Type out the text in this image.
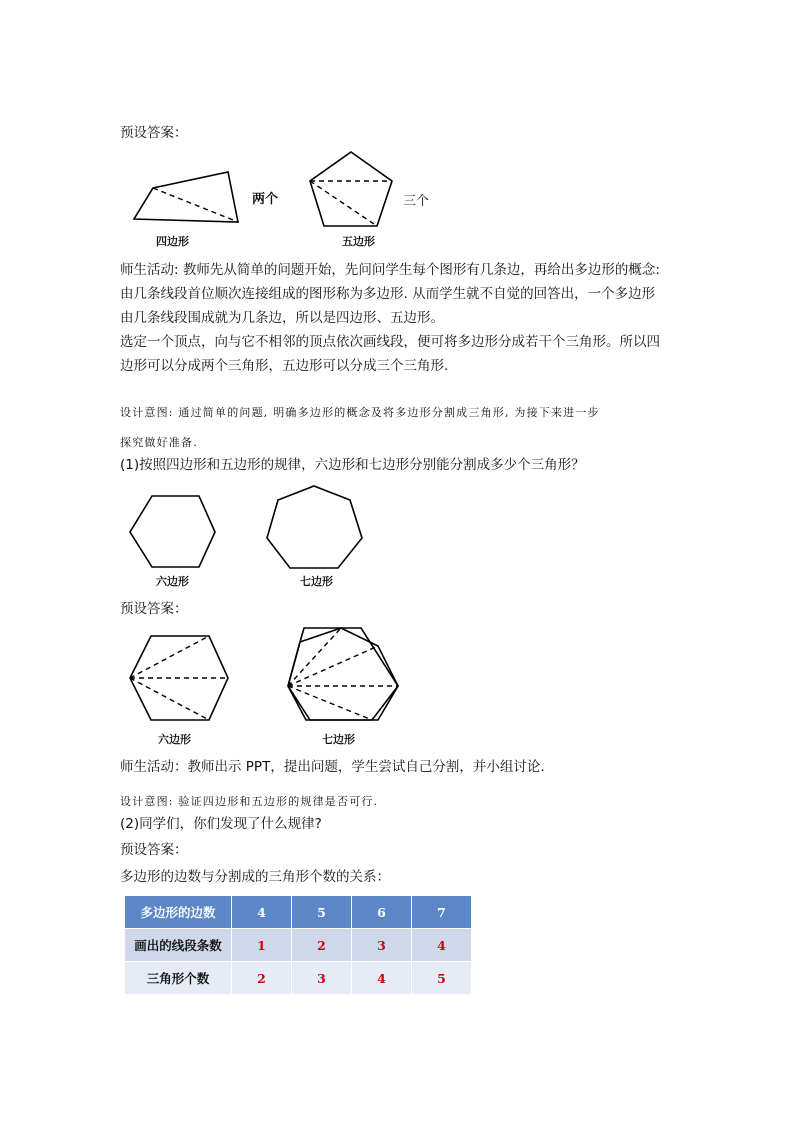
预设答案：
两个	三个
四边形	五边形
师生活动: 教师先从简单的问题开始，先问问学生每个图形有几条边，再给出多边形的概念:
由几条线段首位顺次连接组成的图形称为多边形. 从而学生就不自觉的回答出，一个多边形
由几条线段围成就为几条边，所以是四边形、五边形。
选定一个顶点，向与它不相邻的顶点依次画线段，便可将多边形分成若干个三角形。所以四
边形可以分成两个三角形，五边形可以分成三个三角形.
设计意图: 通过简单的问题, 明确多边形的概念及将多边形分割成三角形, 为接下来进一步
探究做好准备.
(1)按照四边形和五边形的规律，六边形和七边形分别能分割成多少个三角形？
六边形	七边形
预设答案：
六边形	七边形
师生活动：教师出示 PPT，提出问题，学生尝试自己分割，并小组讨论.
设计意图: 验证四边形和五边形的规律是否可行.
(2)同学们，你们发现了什么规律?
预设答案：
多边形的边数与分割成的三角形个数的关系：
多边形的边数	4	5	6	7
画出的线段条数	1	2	3	4
三角形个数	2	3	4	5
